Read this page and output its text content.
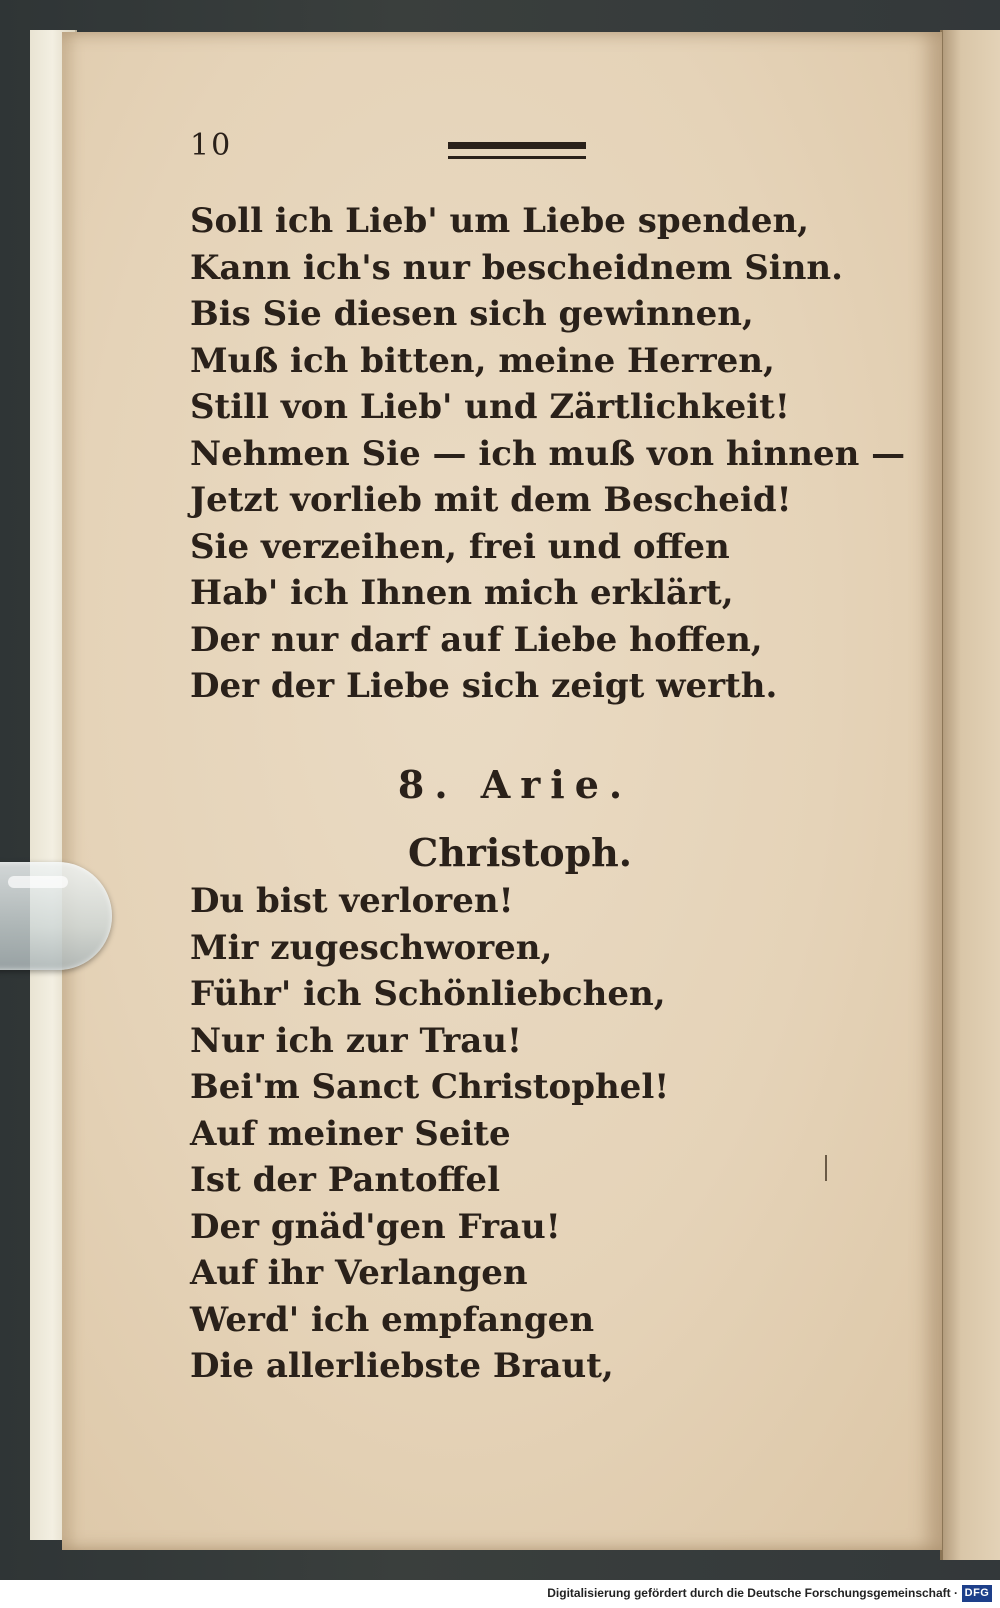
10
Soll ich Lieb' um Liebe spenden,
Kann ich's nur bescheidnem Sinn.
Bis Sie diesen sich gewinnen,
Muß ich bitten, meine Herren,
Still von Lieb' und Zärtlichkeit!
Nehmen Sie — ich muß von hinnen —
Jetzt vorlieb mit dem Bescheid!
Sie verzeihen, frei und offen
Hab' ich Ihnen mich erklärt,
Der nur darf auf Liebe hoffen,
Der der Liebe sich zeigt werth.
8. Arie.
Christoph.
Du bist verloren!
Mir zugeschworen,
Führ' ich Schönliebchen,
Nur ich zur Trau!
Bei'm Sanct Christophel!
Auf meiner Seite
Ist der Pantoffel
Der gnäd'gen Frau!
Auf ihr Verlangen
Werd' ich empfangen
Die allerliebste Braut,
Digitalisierung gefördert durch die Deutsche Forschungsgemeinschaft · DFG
